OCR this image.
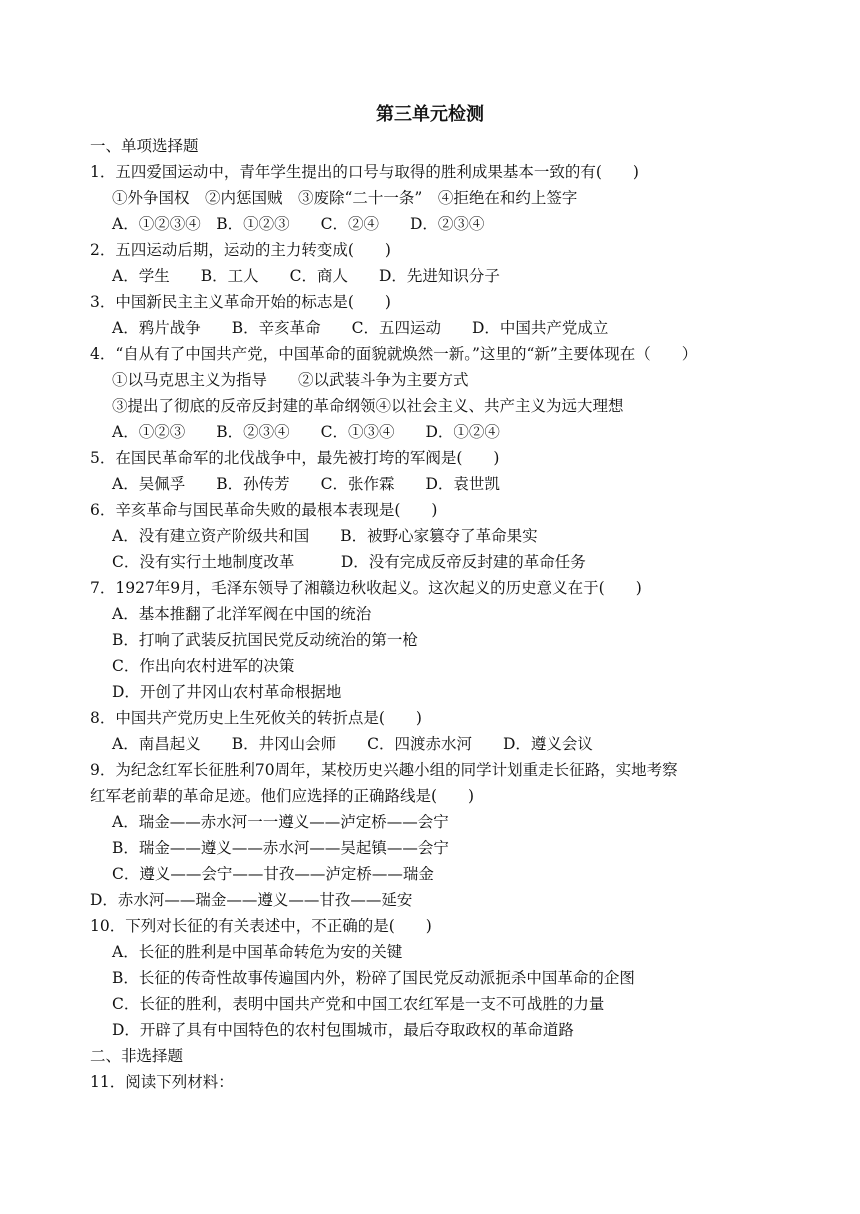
第三单元检测
一、单项选择题
1．五四爱国运动中，青年学生提出的口号与取得的胜利成果基本一致的有(　　)
①外争国权　②内惩国贼　③废除“二十一条”　④拒绝在和约上签字
A．①②③④　B．①②③　　C．②④　　D．②③④
2．五四运动后期，运动的主力转变成(　　)
A．学生　　B．工人　　C．商人　　D．先进知识分子
3．中国新民主主义革命开始的标志是(　　)
A．鸦片战争　　B．辛亥革命　　C．五四运动　　D．中国共产党成立
4．“自从有了中国共产党，中国革命的面貌就焕然一新。”这里的“新”主要体现在（　　）
①以马克思主义为指导　　②以武装斗争为主要方式
③提出了彻底的反帝反封建的革命纲领④以社会主义、共产主义为远大理想
A．①②③　　B．②③④　　C．①③④　　D．①②④
5．在国民革命军的北伐战争中，最先被打垮的军阀是(　　)
A．吴佩孚　　B．孙传芳　　C．张作霖　　D．袁世凯
6．辛亥革命与国民革命失败的最根本表现是(　　)
A．没有建立资产阶级共和国　　B．被野心家篡夺了革命果实
C．没有实行土地制度改革　　　D．没有完成反帝反封建的革命任务
7．1927年9月，毛泽东领导了湘赣边秋收起义。这次起义的历史意义在于(　　)
A．基本推翻了北洋军阀在中国的统治
B．打响了武装反抗国民党反动统治的第一枪
C．作出向农村进军的决策
D．开创了井冈山农村革命根据地
8．中国共产党历史上生死攸关的转折点是(　　)
A．南昌起义　　B．井冈山会师　　C．四渡赤水河　　D．遵义会议
9．为纪念红军长征胜利70周年，某校历史兴趣小组的同学计划重走长征路，实地考察
红军老前辈的革命足迹。他们应选择的正确路线是(　　)
A．瑞金——赤水河一一遵义——泸定桥——会宁
B．瑞金——遵义——赤水河——吴起镇——会宁
C．遵义——会宁——甘孜——泸定桥——瑞金
D．赤水河——瑞金——遵义——甘孜——延安
10．下列对长征的有关表述中，不正确的是(　　)
A．长征的胜利是中国革命转危为安的关键
B．长征的传奇性故事传遍国内外，粉碎了国民党反动派扼杀中国革命的企图
C．长征的胜利，表明中国共产党和中国工农红军是一支不可战胜的力量
D．开辟了具有中国特色的农村包围城市，最后夺取政权的革命道路
二、非选择题
11．阅读下列材料：
